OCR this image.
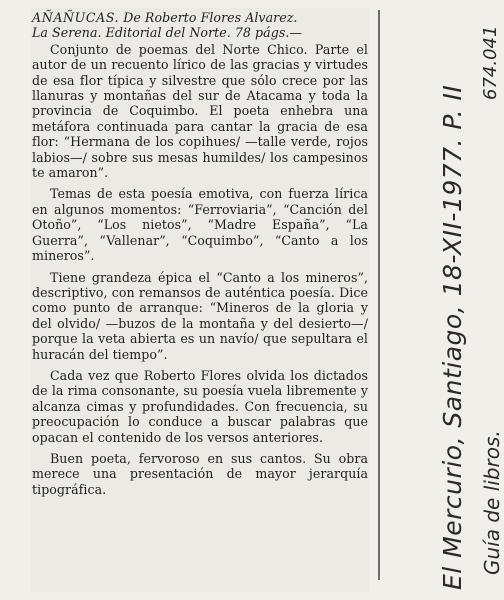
AÑAÑUCAS. De Roberto Flores Alvarez.
La Serena. Editorial del Norte. 78 págs.—

Conjunto de poemas del Norte Chico. Parte el autor de un recuento lírico de las gracias y virtudes de esa flor típica y silvestre que sólo crece por las llanuras y montañas del sur de Atacama y toda la provincia de Coquimbo. El poeta enhebra una metáfora continuada para cantar la gracia de esa flor: “Hermana de los copihues/ —talle verde, rojos labios—/ sobre sus mesas humildes/ los campesinos te amaron”.

Temas de esta poesía emotiva, con fuerza lírica en algunos momentos: “Ferroviaria”, “Canción del Otoño”, “Los nietos”, “Madre España”, “La Guerra”, “Vallenar”, “Coquimbo”, “Canto a los mineros”.

Tiene grandeza épica el “Canto a los mineros”, descriptivo, con remansos de auténtica poesía. Dice como punto de arranque: “Mineros de la gloria y del olvido/ —buzos de la montaña y del desierto—/ porque la veta abierta es un navío/ que sepultara el huracán del tiempo”.

Cada vez que Roberto Flores olvida los dictados de la rima consonante, su poesía vuela libremente y alcanza cimas y profundidades. Con frecuencia, su preocupación lo conduce a buscar palabras que opacan el contenido de los versos anteriores.

Buen poeta, fervoroso en sus cantos. Su obra merece una presentación de mayor jerarquía tipográfica.	El Mercurio, Santiago, 18-XII-1977. P. II Guía de libros.
674.041
